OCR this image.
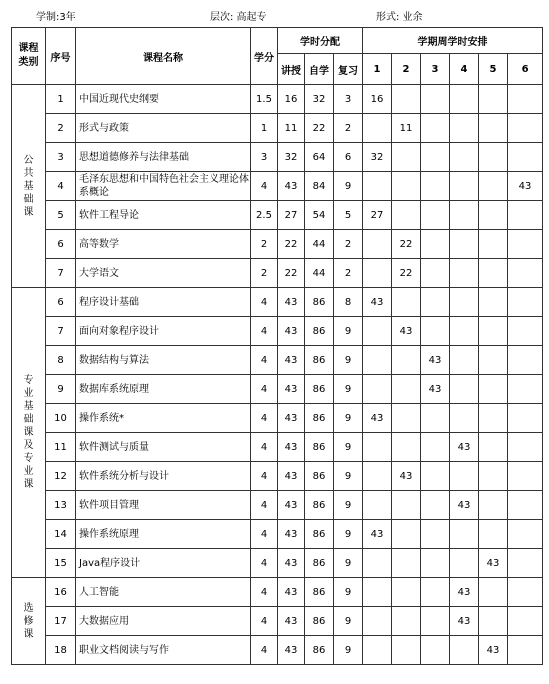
学制:3年	层次: 高起专	形式: 业余
课程类别	序号	课程名称	学分	学时分配			学期周学时安排					
				讲授	自学	复习	1	2	3	4	5	6
公共基础课	1	中国近现代史纲要	1.5	16	32	3	16					
	2	形式与政策	1	11	22	2		11				
	3	思想道德修养与法律基础	3	32	64	6	32					
	4	毛泽东思想和中国特色社会主义理论体系概论	4	43	84	9						43
	5	软件工程导论	2.5	27	54	5	27					
	6	高等数学	2	22	44	2		22				
	7	大学语文	2	22	44	2		22				
专业基础课及专业课	6	程序设计基础	4	43	86	8	43					
	7	面向对象程序设计	4	43	86	9		43				
	8	数据结构与算法	4	43	86	9			43			
	9	数据库系统原理	4	43	86	9			43			
	10	操作系统*	4	43	86	9	43					
	11	软件测试与质量	4	43	86	9				43		
	12	软件系统分析与设计	4	43	86	9		43				
	13	软件项目管理	4	43	86	9				43		
	14	操作系统原理	4	43	86	9	43					
	15	Java程序设计	4	43	86	9					43	
选修课	16	人工智能	4	43	86	9				43		
	17	大数据应用	4	43	86	9				43		
	18	职业文档阅读与写作	4	43	86	9					43	
